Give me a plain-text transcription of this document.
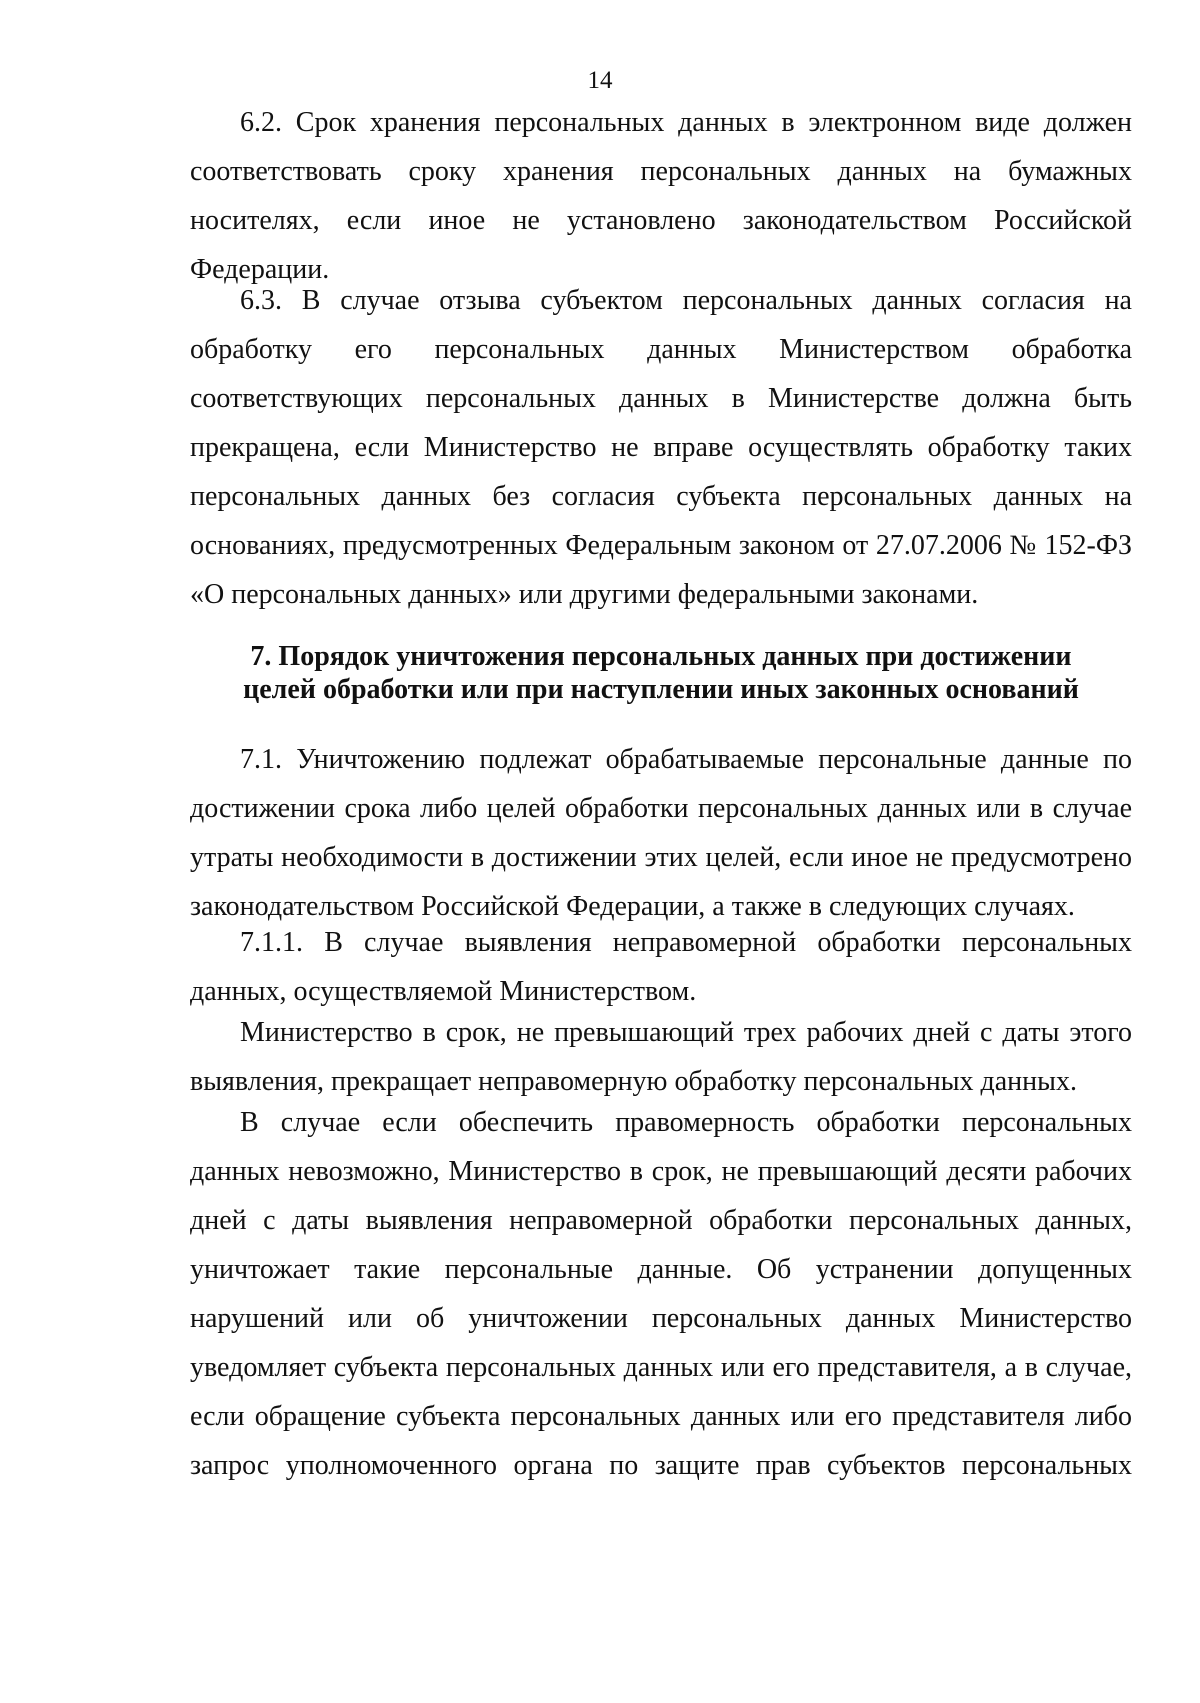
14

6.2. Срок хранения персональных данных в электронном виде должен соответствовать сроку хранения персональных данных на бумажных носителях, если иное не установлено законодательством Российской Федерации.

6.3. В случае отзыва субъектом персональных данных согласия на обработку его персональных данных Министерством обработка соответствующих персональных данных в Министерстве должна быть прекращена, если Министерство не вправе осуществлять обработку таких персональных данных без согласия субъекта персональных данных на основаниях, предусмотренных Федеральным законом от 27.07.2006 № 152-ФЗ «О персональных данных» или другими федеральными законами.

7. Порядок уничтожения персональных данных при достижении
целей обработки или при наступлении иных законных оснований

7.1. Уничтожению подлежат обрабатываемые персональные данные по достижении срока либо целей обработки персональных данных или в случае утраты необходимости в достижении этих целей, если иное не предусмотрено законодательством Российской Федерации, а также в следующих случаях.

7.1.1. В случае выявления неправомерной обработки персональных данных, осуществляемой Министерством.

Министерство в срок, не превышающий трех рабочих дней с даты этого выявления, прекращает неправомерную обработку персональных данных.

В случае если обеспечить правомерность обработки персональных данных невозможно, Министерство в срок, не превышающий десяти рабочих дней с даты выявления неправомерной обработки персональных данных, уничтожает такие персональные данные. Об устранении допущенных нарушений или об уничтожении персональных данных Министерство уведомляет субъекта персональных данных или его представителя, а в случае, если обращение субъекта персональных данных или его представителя либо запрос уполномоченного органа по защите прав субъектов персональных
